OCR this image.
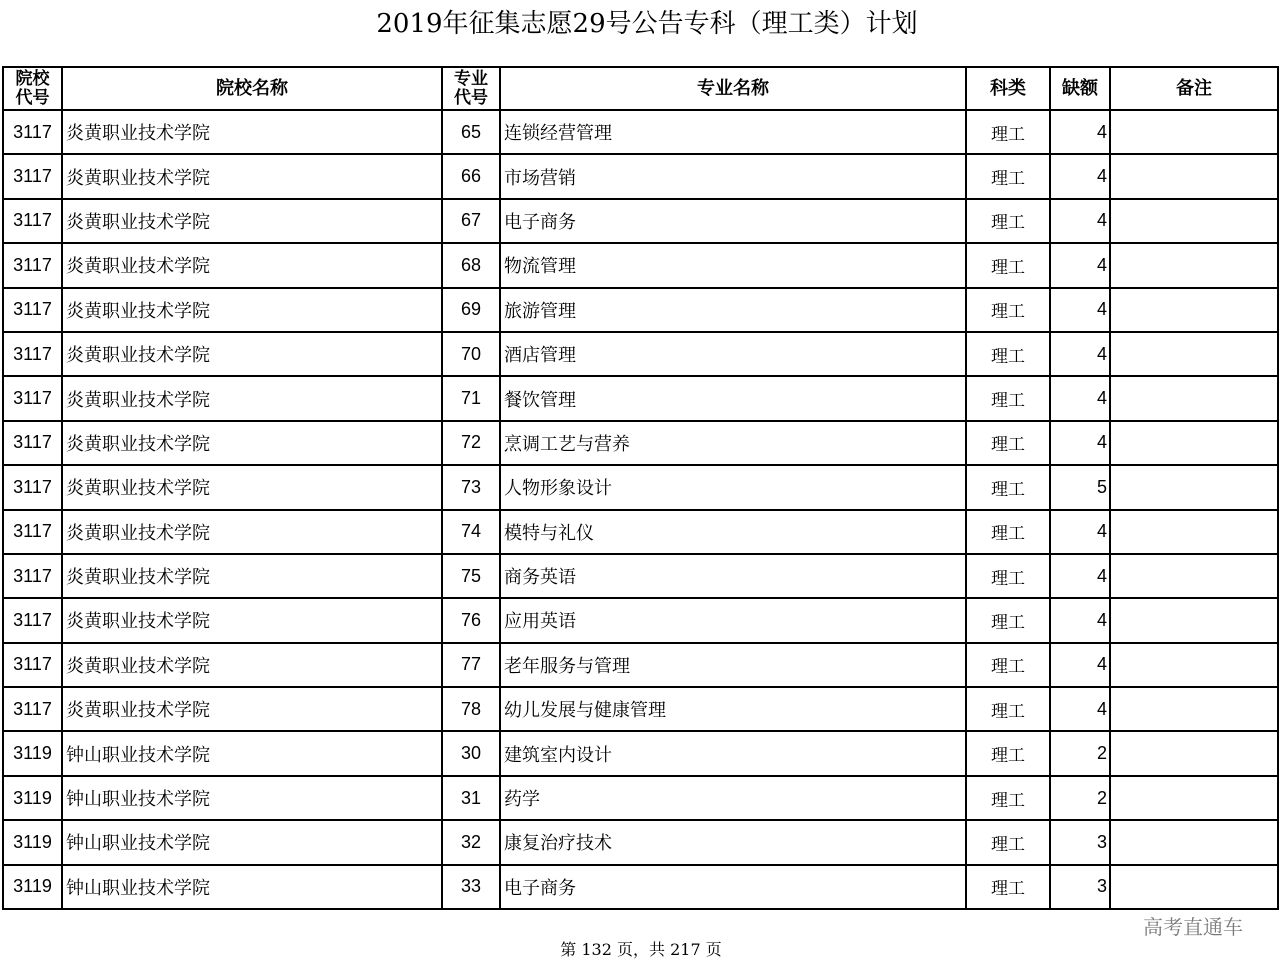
2019年征集志愿29号公告专科（理工类）计划
院校代号	院校名称	专业代号	专业名称	科类	缺额	备注
3117	炎黄职业技术学院	65	连锁经营管理	理工	4	
3117	炎黄职业技术学院	66	市场营销	理工	4	
3117	炎黄职业技术学院	67	电子商务	理工	4	
3117	炎黄职业技术学院	68	物流管理	理工	4	
3117	炎黄职业技术学院	69	旅游管理	理工	4	
3117	炎黄职业技术学院	70	酒店管理	理工	4	
3117	炎黄职业技术学院	71	餐饮管理	理工	4	
3117	炎黄职业技术学院	72	烹调工艺与营养	理工	4	
3117	炎黄职业技术学院	73	人物形象设计	理工	5	
3117	炎黄职业技术学院	74	模特与礼仪	理工	4	
3117	炎黄职业技术学院	75	商务英语	理工	4	
3117	炎黄职业技术学院	76	应用英语	理工	4	
3117	炎黄职业技术学院	77	老年服务与管理	理工	4	
3117	炎黄职业技术学院	78	幼儿发展与健康管理	理工	4	
3119	钟山职业技术学院	30	建筑室内设计	理工	2	
3119	钟山职业技术学院	31	药学	理工	2	
3119	钟山职业技术学院	32	康复治疗技术	理工	3	
3119	钟山职业技术学院	33	电子商务	理工	3	
高考直通车
第 132 页，共 217 页
